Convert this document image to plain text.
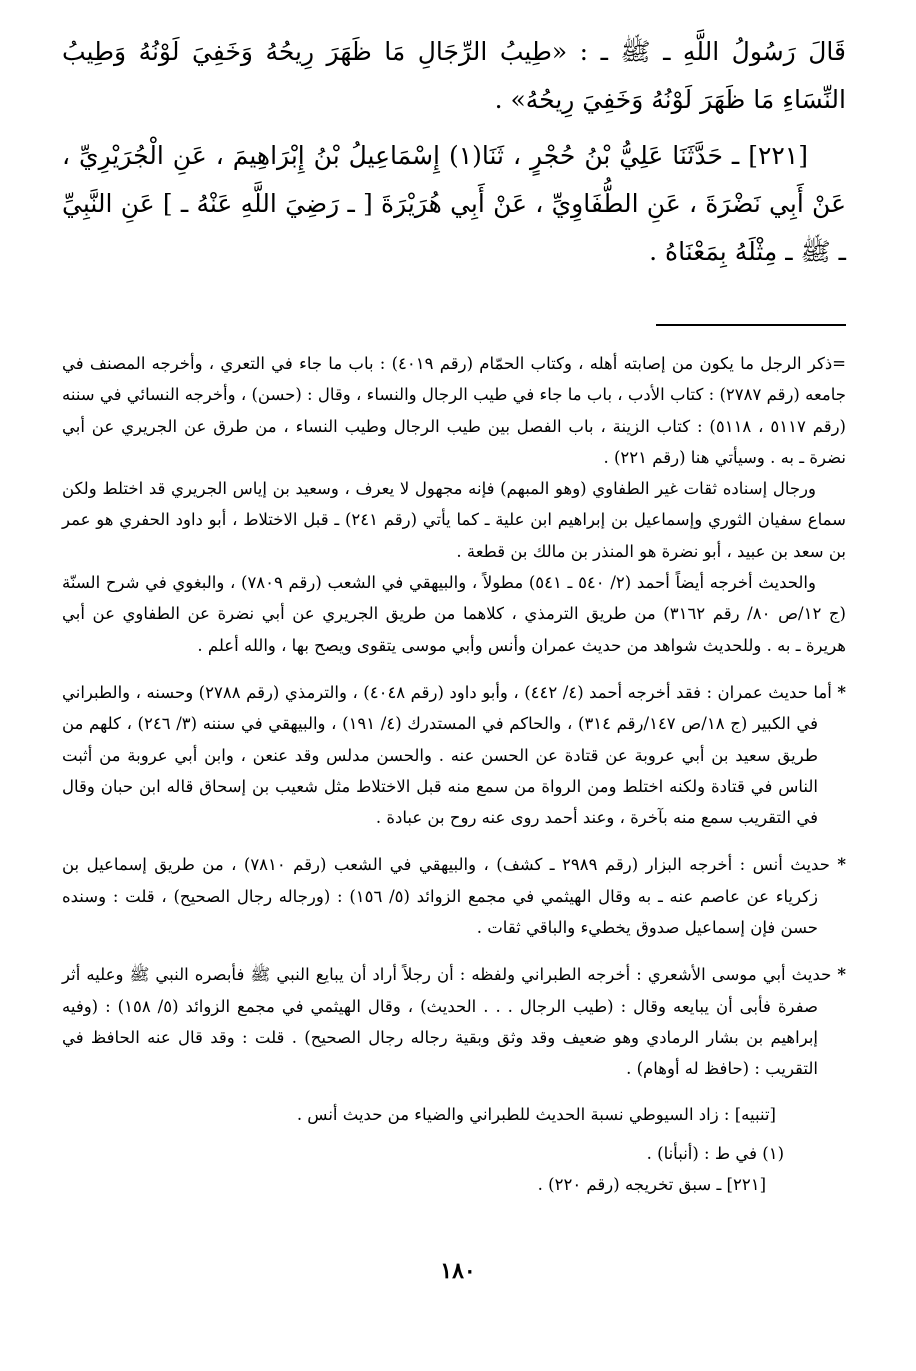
قَالَ رَسُولُ اللَّهِ ـ ﷺ ـ : «طِيبُ الرِّجَالِ مَا ظَهَرَ رِيحُهُ وَخَفِيَ لَوْنُهُ وَطِيبُ النِّسَاءِ مَا ظَهَرَ لَوْنُهُ وَخَفِيَ رِيحُهُ» .

[٢٢١] ـ حَدَّثَنَا عَلِيُّ بْنُ حُجْرٍ ، ثَنَا(١) إِسْمَاعِيلُ بْنُ إِبْرَاهِيمَ ، عَنِ الْجُرَيْرِيِّ ، عَنْ أَبِي نَضْرَةَ ، عَنِ الطُّفَاوِيِّ ، عَنْ أَبِي هُرَيْرَةَ [ ـ رَضِيَ اللَّهِ عَنْهُ ـ ] عَنِ النَّبِيِّ ـ ﷺ ـ مِثْلَهُ بِمَعْنَاهُ .

=ذكر الرجل ما يكون من إصابته أهله ، وكتاب الحمّام (رقم ٤٠١٩) : باب ما جاء في التعري ، وأخرجه المصنف في جامعه (رقم ٢٧٨٧) : كتاب الأدب ، باب ما جاء في طيب الرجال والنساء ، وقال : (حسن) ، وأخرجه النسائي في سننه (رقم ٥١١٧ ، ٥١١٨) : كتاب الزينة ، باب الفصل بين طيب الرجال وطيب النساء ، من طرق عن الجريري عن أبي نضرة ـ به . وسيأتي هنا (رقم ٢٢١) .

ورجال إسناده ثقات غير الطفاوي (وهو المبهم) فإنه مجهول لا يعرف ، وسعيد بن إياس الجريري قد اختلط ولكن سماع سفيان الثوري وإسماعيل بن إبراهيم ابن علية ـ كما يأتي (رقم ٢٤١) ـ قبل الاختلاط ، أبو داود الحفري هو عمر بن سعد بن عبيد ، أبو نضرة هو المنذر بن مالك بن قطعة .

والحديث أخرجه أيضاً أحمد (٢/ ٥٤٠ ـ ٥٤١) مطولاً ، والبيهقي في الشعب (رقم ٧٨٠٩) ، والبغوي في شرح السنّة (ج ١٢/ص ٨٠/ رقم ٣١٦٢) من طريق الترمذي ، كلاهما من طريق الجريري عن أبي نضرة عن الطفاوي عن أبي هريرة ـ به . وللحديث شواهد من حديث عمران وأنس وأبي موسى يتقوى ويصح بها ، والله أعلم .

* أما حديث عمران : فقد أخرجه أحمد (٤/ ٤٤٢) ، وأبو داود (رقم ٤٠٤٨) ، والترمذي (رقم ٢٧٨٨) وحسنه ، والطبراني في الكبير (ج ١٨/ص ١٤٧/رقم ٣١٤) ، والحاكم في المستدرك (٤/ ١٩١) ، والبيهقي في سننه (٣/ ٢٤٦) ، كلهم من طريق سعيد بن أبي عروبة عن قتادة عن الحسن عنه . والحسن مدلس وقد عنعن ، وابن أبي عروبة من أثبت الناس في قتادة ولكنه اختلط ومن الرواة من سمع منه قبل الاختلاط مثل شعيب بن إسحاق قاله ابن حبان وقال في التقريب سمع منه بآخرة ، وعند أحمد روى عنه روح بن عبادة .

* حديث أنس : أخرجه البزار (رقم ٢٩٨٩ ـ كشف) ، والبيهقي في الشعب (رقم ٧٨١٠) ، من طريق إسماعيل بن زكرياء عن عاصم عنه ـ به وقال الهيثمي في مجمع الزوائد (٥/ ١٥٦) : (ورجاله رجال الصحيح) ، قلت : وسنده حسن فإن إسماعيل صدوق يخطيء والباقي ثقات .

* حديث أبي موسى الأشعري : أخرجه الطبراني ولفظه : أن رجلاً أراد أن يبايع النبي ﷺ فأبصره النبي ﷺ وعليه أثر صفرة فأبى أن يبايعه وقال : (طيب الرجال . . . الحديث) ، وقال الهيثمي في مجمع الزوائد (٥/ ١٥٨) : (وفيه إبراهيم بن بشار الرمادي وهو ضعيف وقد وثق وبقية رجاله رجال الصحيح) . قلت : وقد قال عنه الحافظ في التقريب : (حافظ له أوهام) .

[تنبيه] : زاد السيوطي نسبة الحديث للطبراني والضياء من حديث أنس .

(١) في ط : (أنبأنا) .

[٢٢١] ـ سبق تخريجه (رقم ٢٢٠) .

١٨٠
